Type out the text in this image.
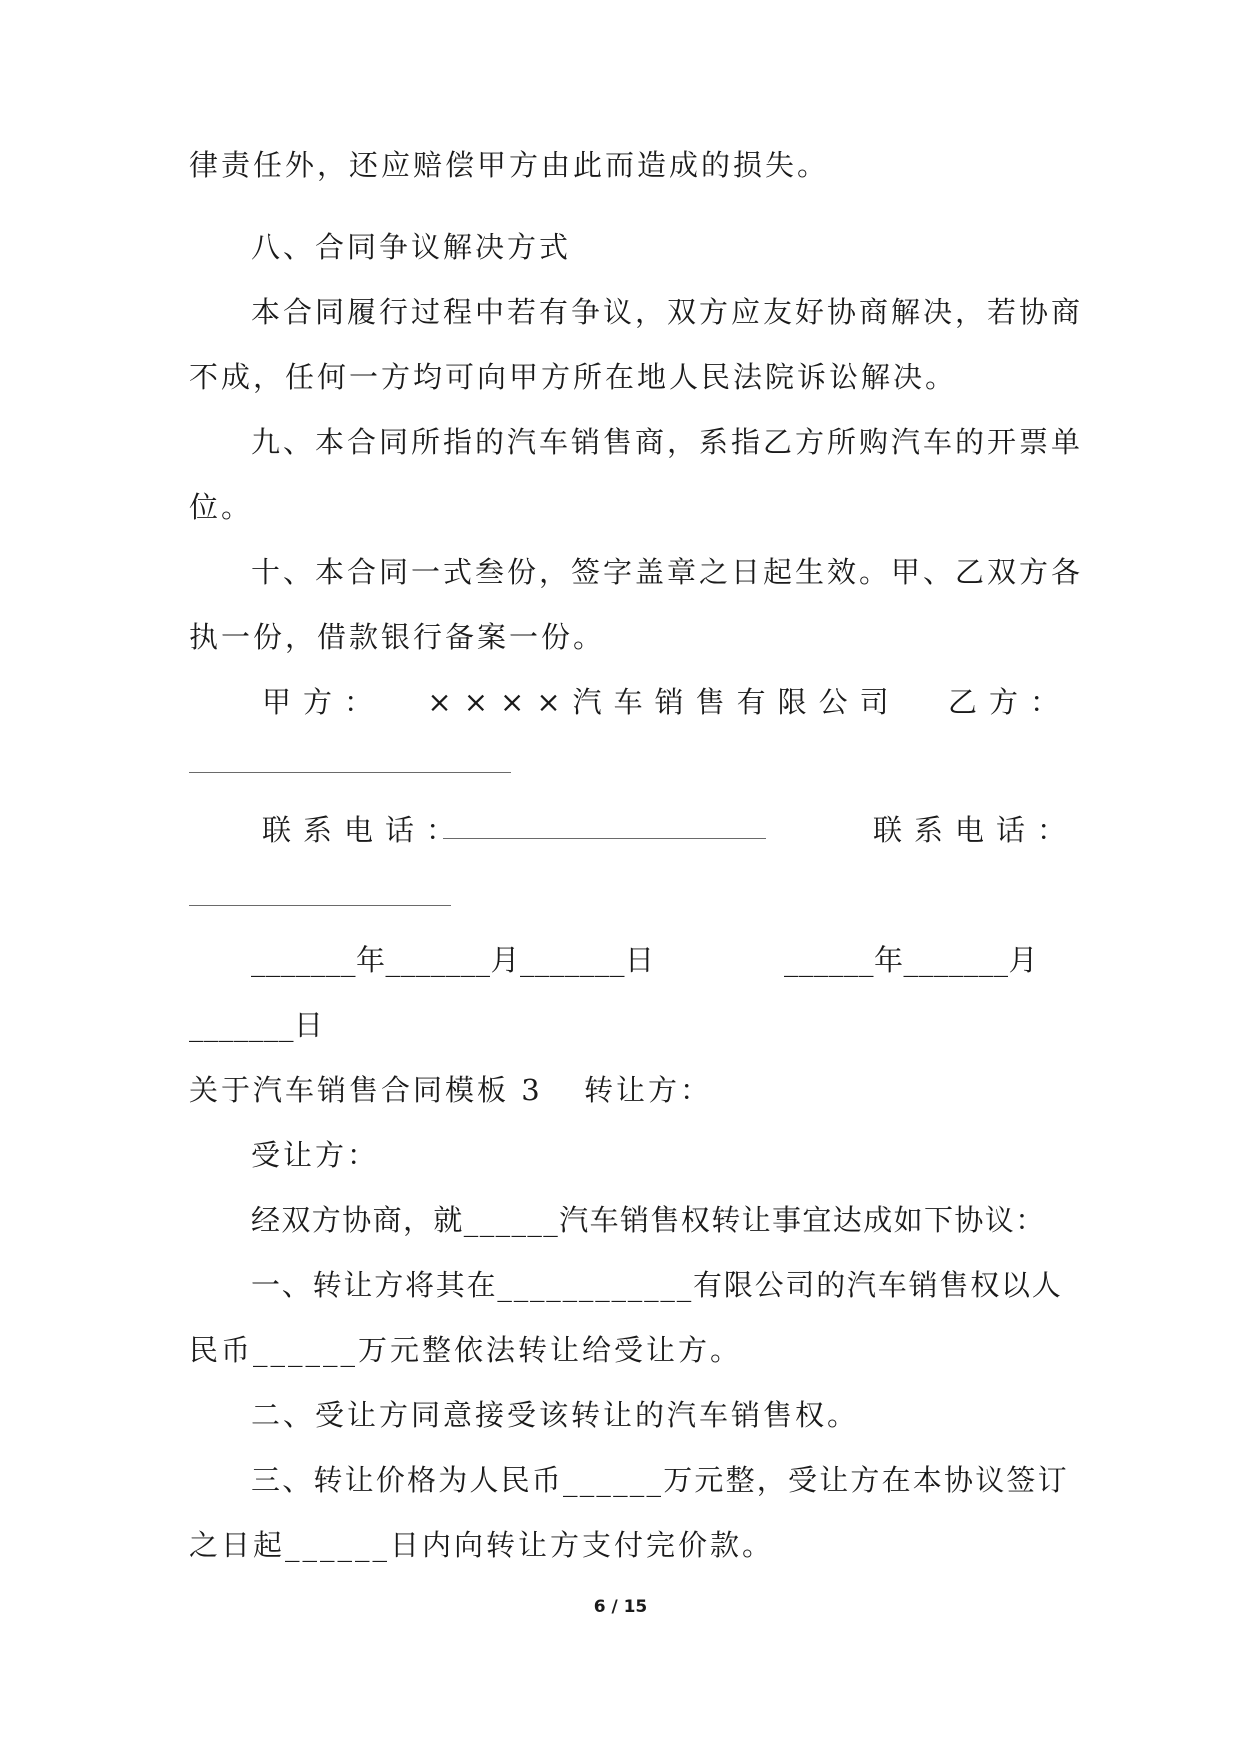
律责任外，还应赔偿甲方由此而造成的损失。
八、合同争议解决方式
本合同履行过程中若有争议，双方应友好协商解决，若协商
不成，任何一方均可向甲方所在地人民法院诉讼解决。
九、本合同所指的汽车销售商，系指乙方所购汽车的开票单
位。
十、本合同一式叁份，签字盖章之日起生效。甲、乙双方各
执一份，借款银行备案一份。
甲方：  ××××汽车销售有限公司 乙方：
联系电话：	联系电话：
_______年_______月_______日	______年_______月
_______日
关于汽车销售合同模板 3 转让方：
受让方：
经双方协商，就______汽车销售权转让事宜达成如下协议：
一、转让方将其在____________有限公司的汽车销售权以人
民币______万元整依法转让给受让方。
二、受让方同意接受该转让的汽车销售权。
三、转让价格为人民币______万元整，受让方在本协议签订
之日起______日内向转让方支付完价款。
6 / 15
